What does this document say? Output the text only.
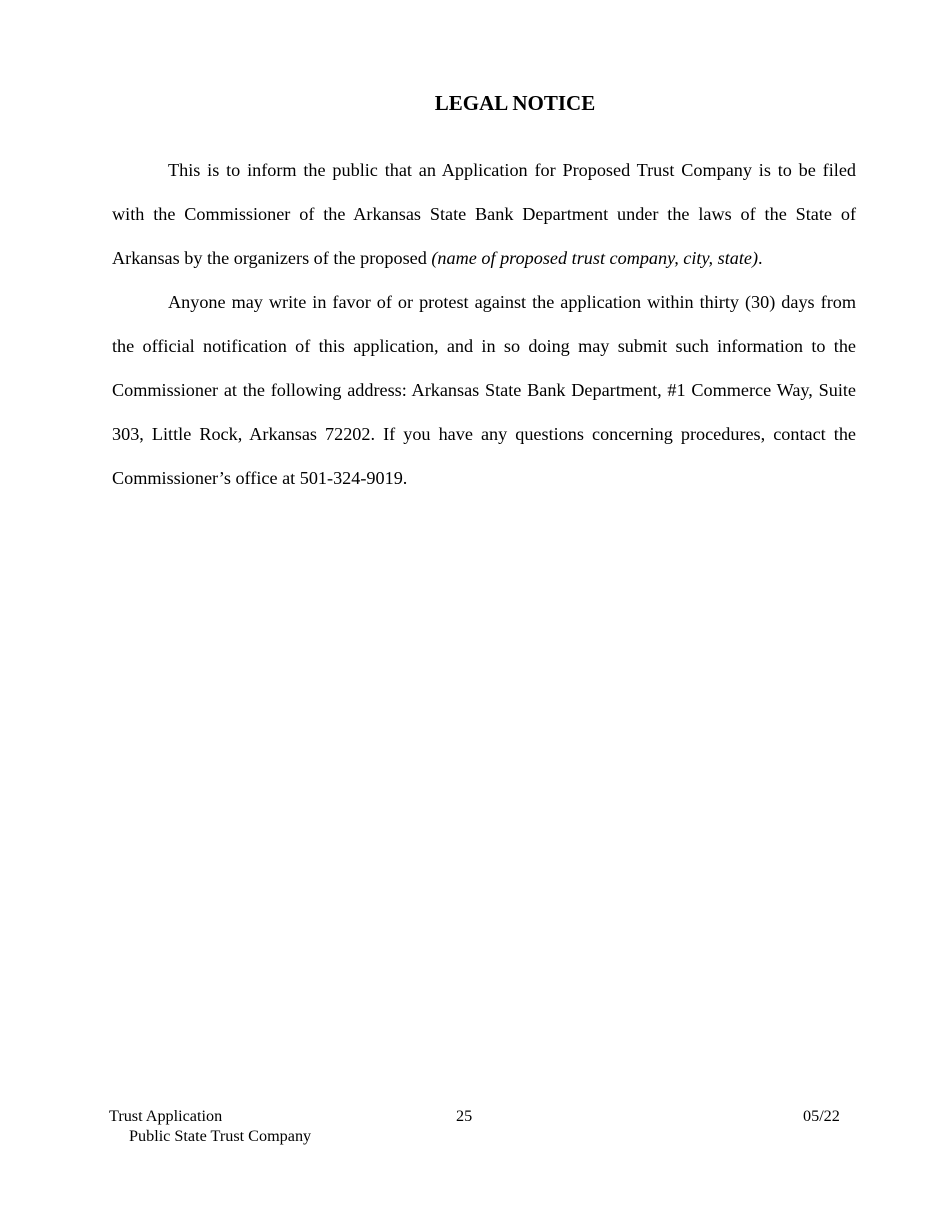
LEGAL NOTICE

This is to inform the public that an Application for Proposed Trust Company is to be filed with the Commissioner of the Arkansas State Bank Department under the laws of the State of Arkansas by the organizers of the proposed (name of proposed trust company, city, state).

Anyone may write in favor of or protest against the application within thirty (30) days from the official notification of this application, and in so doing may submit such information to the Commissioner at the following address: Arkansas State Bank Department, #1 Commerce Way, Suite 303, Little Rock, Arkansas 72202. If you have any questions concerning procedures, contact the Commissioner’s office at 501-324-9019.

Trust Application
Public State Trust Company
25	05/22
